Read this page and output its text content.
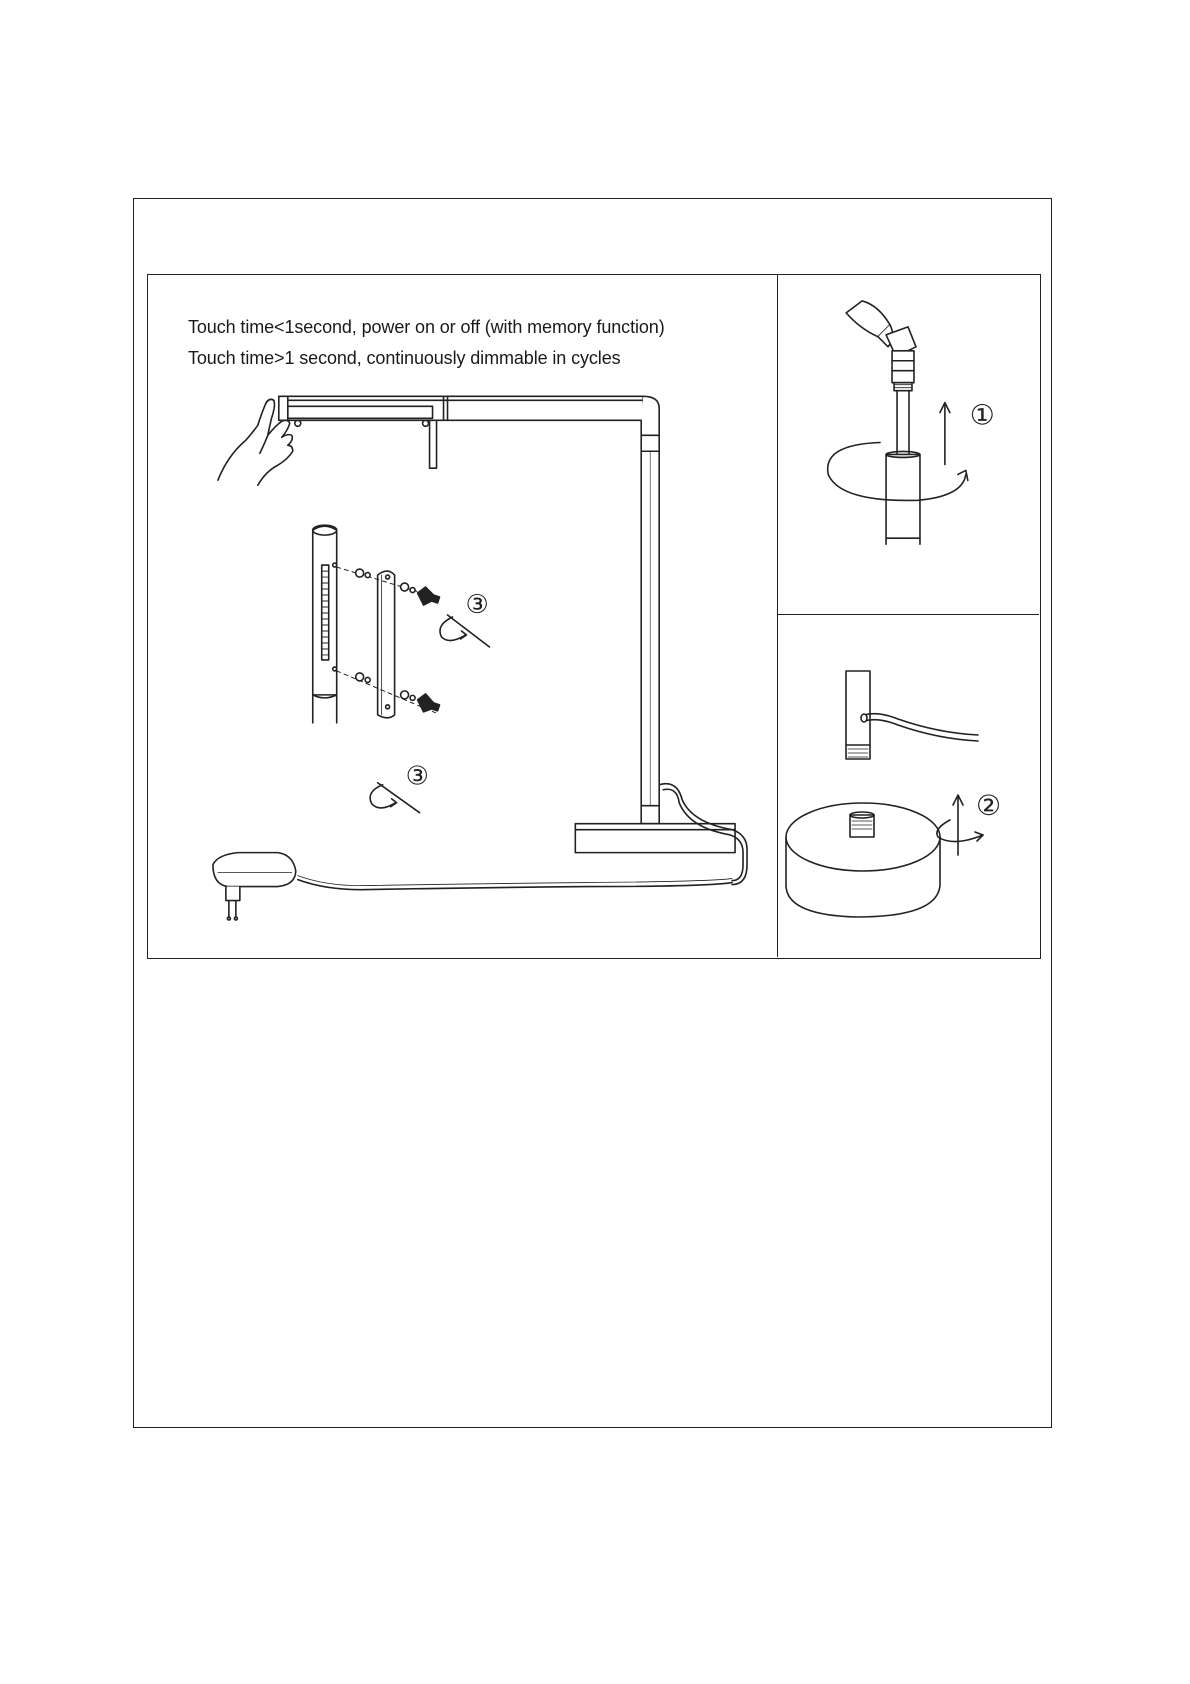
Touch time<1second, power on or off (with memory function)
Touch time>1 second, continuously dimmable in cycles
③
③
①
②
